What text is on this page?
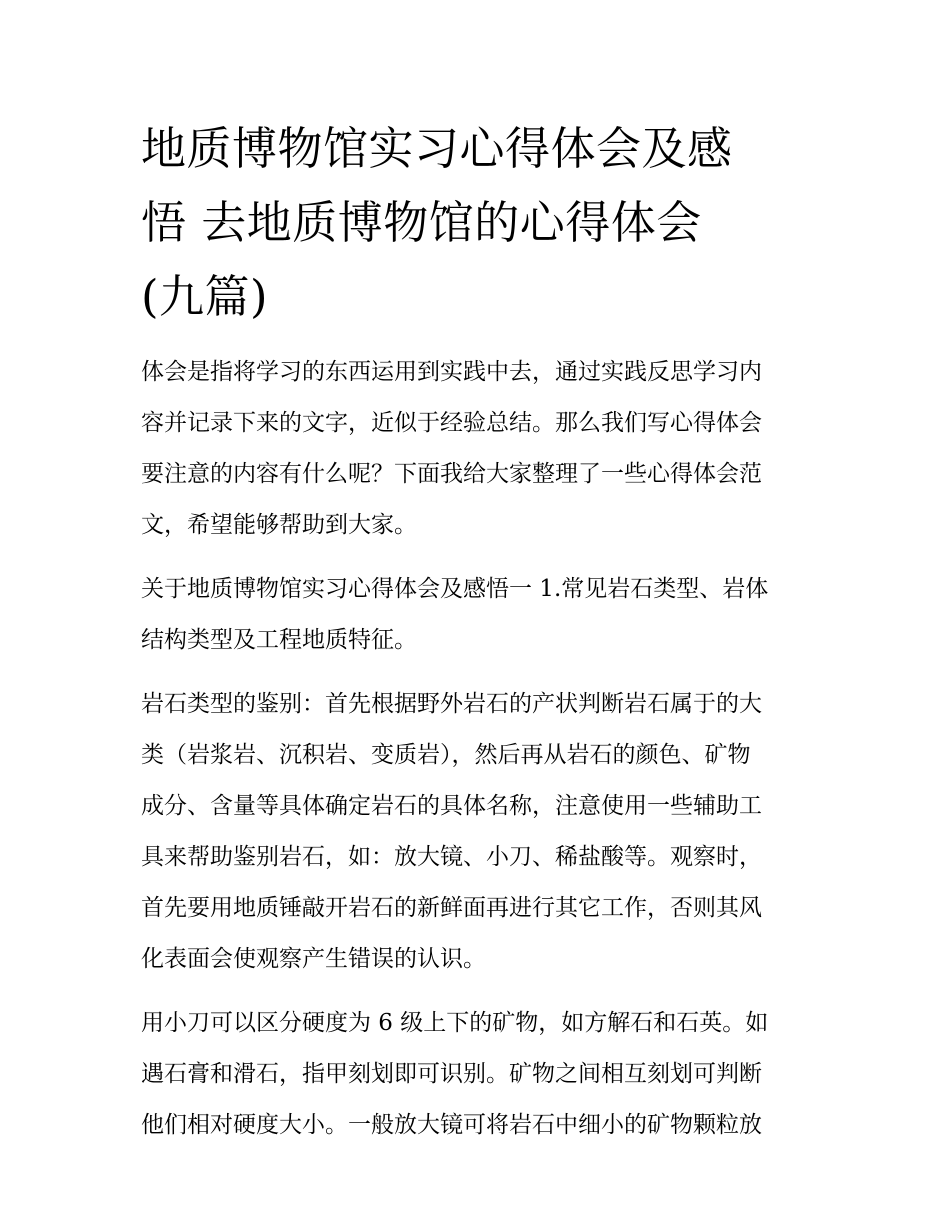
地质博物馆实习心得体会及感
悟 去地质博物馆的心得体会
(九篇)

体会是指将学习的东西运用到实践中去，通过实践反思学习内
容并记录下来的文字，近似于经验总结。那么我们写心得体会
要注意的内容有什么呢？下面我给大家整理了一些心得体会范
文，希望能够帮助到大家。

关于地质博物馆实习心得体会及感悟一 1.常见岩石类型、岩体
结构类型及工程地质特征。

岩石类型的鉴别：首先根据野外岩石的产状判断岩石属于的大
类（岩浆岩、沉积岩、变质岩），然后再从岩石的颜色、矿物
成分、含量等具体确定岩石的具体名称，注意使用一些辅助工
具来帮助鉴别岩石，如：放大镜、小刀、稀盐酸等。观察时，
首先要用地质锤敲开岩石的新鲜面再进行其它工作，否则其风
化表面会使观察产生错误的认识。

用小刀可以区分硬度为 6 级上下的矿物，如方解石和石英。如
遇石膏和滑石，指甲刻划即可识别。矿物之间相互刻划可判断
他们相对硬度大小。一般放大镜可将岩石中细小的矿物颗粒放
